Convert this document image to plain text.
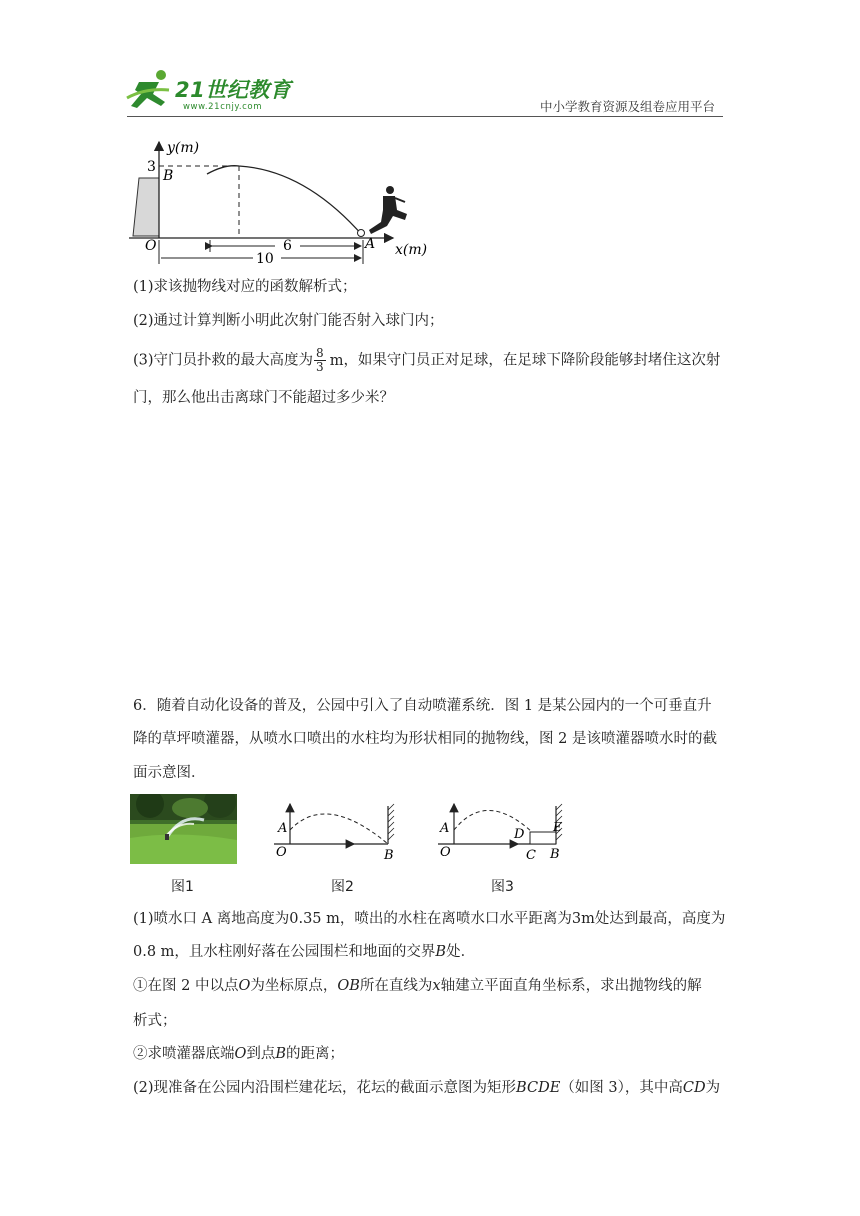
21世纪教育
www.21cnjy.com	中小学教育资源及组卷应用平台
y(m)
3
B
O	A x(m)
6
10
(1)求该抛物线对应的函数解析式；
(2)通过计算判断小明此次射门能否射入球门内；
(3)守门员扑救的最大高度为 $\frac{8}{3}$ m，如果守门员正对足球，在足球下降阶段能够封堵住这次射
门，那么他出击离球门不能超过多少米？
6．随着自动化设备的普及，公园中引入了自动喷灌系统．图 1 是某公园内的一个可垂直升
降的草坪喷灌器，从喷水口喷出的水柱均为形状相同的抛物线，图 2 是该喷灌器喷水时的截
面示意图．
A
O	B
A
O
D E
C B
图1	图2	图3
(1)喷水口 A 离地高度为0.35 m，喷出的水柱在离喷水口水平距离为3m处达到最高，高度为
0.8 m，且水柱刚好落在公园围栏和地面的交界B处．
①在图 2 中以点O为坐标原点，OB所在直线为x轴建立平面直角坐标系，求出抛物线的解
析式；
②求喷灌器底端O到点B的距离；
(2)现准备在公园内沿围栏建花坛，花坛的截面示意图为矩形BCDE（如图 3），其中高CD为
